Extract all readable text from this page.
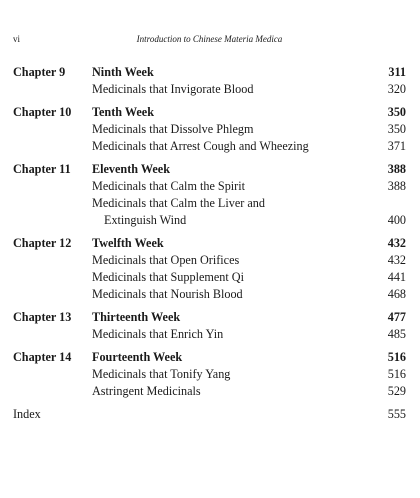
vi	Introduction to Chinese Materia Medica
Chapter 9 Ninth Week	311
Medicinals that Invigorate Blood	320
Chapter 10 Tenth Week	350
Medicinals that Dissolve Phlegm	350
Medicinals that Arrest Cough and Wheezing	371
Chapter 11 Eleventh Week	388
Medicinals that Calm the Spirit	388
Medicinals that Calm the Liver and
Extinguish Wind	400
Chapter 12 Twelfth Week	432
Medicinals that Open Orifices	432
Medicinals that Supplement Qi	441
Medicinals that Nourish Blood	468
Chapter 13 Thirteenth Week	477
Medicinals that Enrich Yin	485
Chapter 14 Fourteenth Week	516
Medicinals that Tonify Yang	516
Astringent Medicinals	529
Index	555
